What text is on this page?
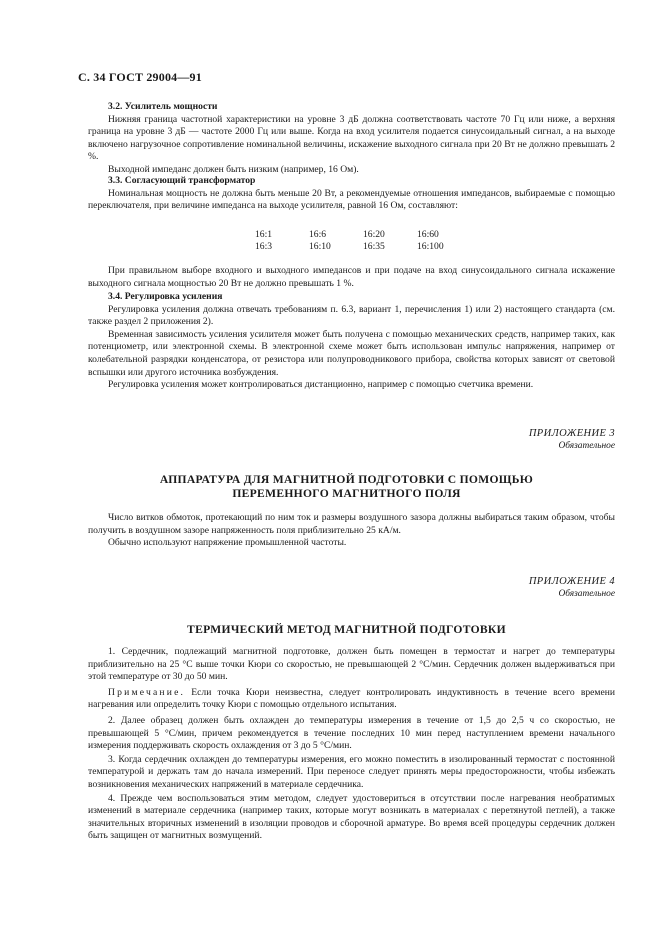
С. 34 ГОСТ 29004—91
3.2. Усилитель мощности

Нижняя граница частотной характеристики на уровне 3 дБ должна соответствовать частоте 70 Гц или ниже, а верхняя граница на уровне 3 дБ — частоте 2000 Гц или выше. Когда на вход усилителя подается синусоидальный сигнал, а на выходе включено нагрузочное сопротивление номинальной величины, искажение выходного сигнала при 20 Вт не должно превышать 2 %.

Выходной импеданс должен быть низким (например, 16 Ом).

3.3. Согласующий трансформатор

Номинальная мощность не должна быть меньше 20 Вт, а рекомендуемые отношения импедансов, выбираемые с помощью переключателя, при величине импеданса на выходе усилителя, равной 16 Ом, составляют:

16:1	16:6	16:20	16:60
16:3	16:10	16:35	16:100

При правильном выборе входного и выходного импедансов и при подаче на вход синусоидального сигнала искажение выходного сигнала мощностью 20 Вт не должно превышать 1 %.

3.4. Регулировка усиления

Регулировка усиления должна отвечать требованиям п. 6.3, вариант 1, перечисления 1) или 2) настоящего стандарта (см. также раздел 2 приложения 2).

Временная зависимость усиления усилителя может быть получена с помощью механических средств, например таких, как потенциометр, или электронной схемы. В электронной схеме может быть использован импульс напряжения, например от колебательной разрядки конденсатора, от резистора или полупроводникового прибора, свойства которых зависят от световой вспышки или другого источника возбуждения.

Регулировка усиления может контролироваться дистанционно, например с помощью счетчика времени.

ПРИЛОЖЕНИЕ 3
Обязательное
АППАРАТУРА ДЛЯ МАГНИТНОЙ ПОДГОТОВКИ С ПОМОЩЬЮ
ПЕРЕМЕННОГО МАГНИТНОГО ПОЛЯ

Число витков обмоток, протекающий по ним ток и размеры воздушного зазора должны выбираться таким образом, чтобы получить в воздушном зазоре напряженность поля приблизительно 25 кА/м.

Обычно используют напряжение промышленной частоты.

ПРИЛОЖЕНИЕ 4
Обязательное
ТЕРМИЧЕСКИЙ МЕТОД МАГНИТНОЙ ПОДГОТОВКИ

1. Сердечник, подлежащий магнитной подготовке, должен быть помещен в термостат и нагрет до температуры приблизительно на 25 °С выше точки Кюри со скоростью, не превышающей 2 °С/мин. Сердечник должен выдерживаться при этой температуре от 30 до 50 мин.

Примечание. Если точка Кюри неизвестна, следует контролировать индуктивность в течение всего времени нагревания или определить точку Кюри с помощью отдельного испытания.

2. Далее образец должен быть охлажден до температуры измерения в течение от 1,5 до 2,5 ч со скоростью, не превышающей 5 °С/мин, причем рекомендуется в течение последних 10 мин перед наступлением времени начального измерения поддерживать скорость охлаждения от 3 до 5 °С/мин.

3. Когда сердечник охлажден до температуры измерения, его можно поместить в изолированный термостат с постоянной температурой и держать там до начала измерений. При переносе следует принять меры предосторожности, чтобы избежать возникновения механических напряжений в материале сердечника.

4. Прежде чем воспользоваться этим методом, следует удостовериться в отсутствии после нагревания необратимых изменений в материале сердечника (например таких, которые могут возникать в материалах с перетянутой петлей), а также значительных вторичных изменений в изоляции проводов и сборочной арматуре. Во время всей процедуры сердечник должен быть защищен от магнитных возмущений.
